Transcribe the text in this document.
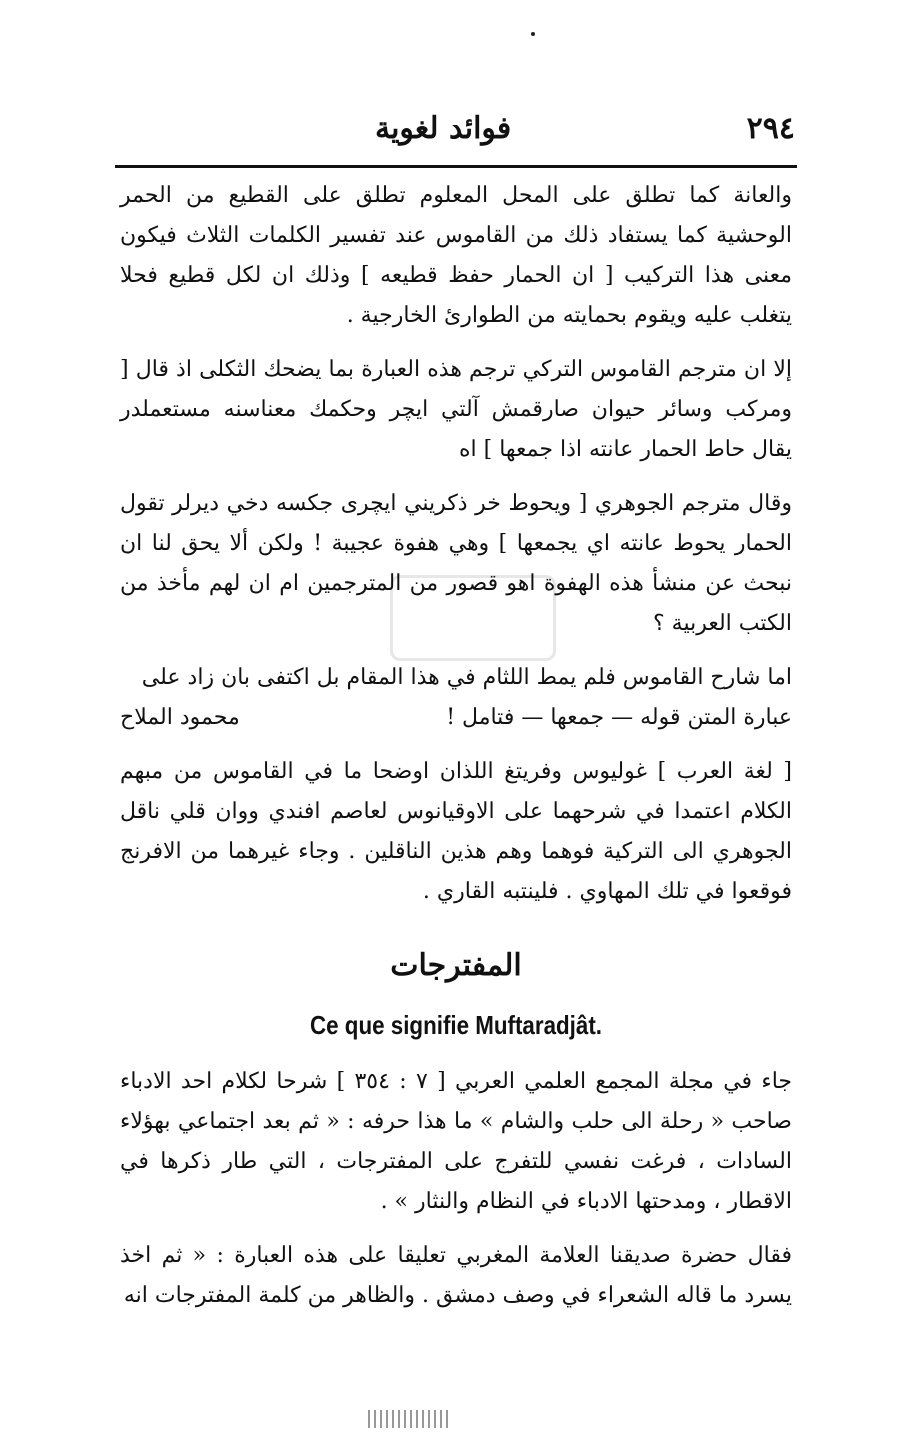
٢٩٤
فوائد لغوية

والعانة كما تطلق على المحل المعلوم تطلق على القطيع من الحمر الوحشية كما يستفاد ذلك من القاموس عند تفسير الكلمات الثلاث فيكون معنى هذا التركيب [ ان الحمار حفظ قطيعه ] وذلك ان لكل قطيع فحلا يتغلب عليه ويقوم بحمايته من الطوارئ الخارجية .

إلا ان مترجم القاموس التركي ترجم هذه العبارة بما يضحك الثكلى اذ قال [ ومركب وسائر حيوان صارقمش آلتي ايچر وحكمك معناسنه مستعملدر يقال حاط الحمار عانته اذا جمعها ] اه

وقال مترجم الجوهري [ ويحوط خر ذكريني ايچرى جكسه دخي ديرلر تقول الحمار يحوط عانته اي يجمعها ] وهي هفوة عجيبة ! ولكن ألا يحق لنا ان نبحث عن منشأ هذه الهفوة اهو قصور من المترجمين ام ان لهم مأخذ من الكتب العربية ؟

اما شارح القاموس فلم يمط اللثام في هذا المقام بل اكتفى بان زاد على

عبارة المتن قوله — جمعها — فتامل !
محمود الملاح

[ لغة العرب ] غوليوس وفريتغ اللذان اوضحا ما في القاموس من مبهم الكلام اعتمدا في شرحهما على الاوقيانوس لعاصم افندي ووان قلي ناقل الجوهري الى التركية فوهما وهم هذين الناقلين . وجاء غيرهما من الافرنج فوقعوا في تلك المهاوي . فلينتبه القاري .

المفترجات
Ce que signifie Muftaradjât.

جاء في مجلة المجمع العلمي العربي [ ٧ : ٣٥٤ ] شرحا لكلام احد الادباء صاحب « رحلة الى حلب والشام » ما هذا حرفه : « ثم بعد اجتماعي بهؤلاء السادات ، فرغت نفسي للتفرج على المفترجات ، التي طار ذكرها في الاقطار ، ومدحتها الادباء في النظام والنثار » .

فقال حضرة صديقنا العلامة المغربي تعليقا على هذه العبارة : « ثم اخذ يسرد ما قاله الشعراء في وصف دمشق . والظاهر من كلمة المفترجات انه
